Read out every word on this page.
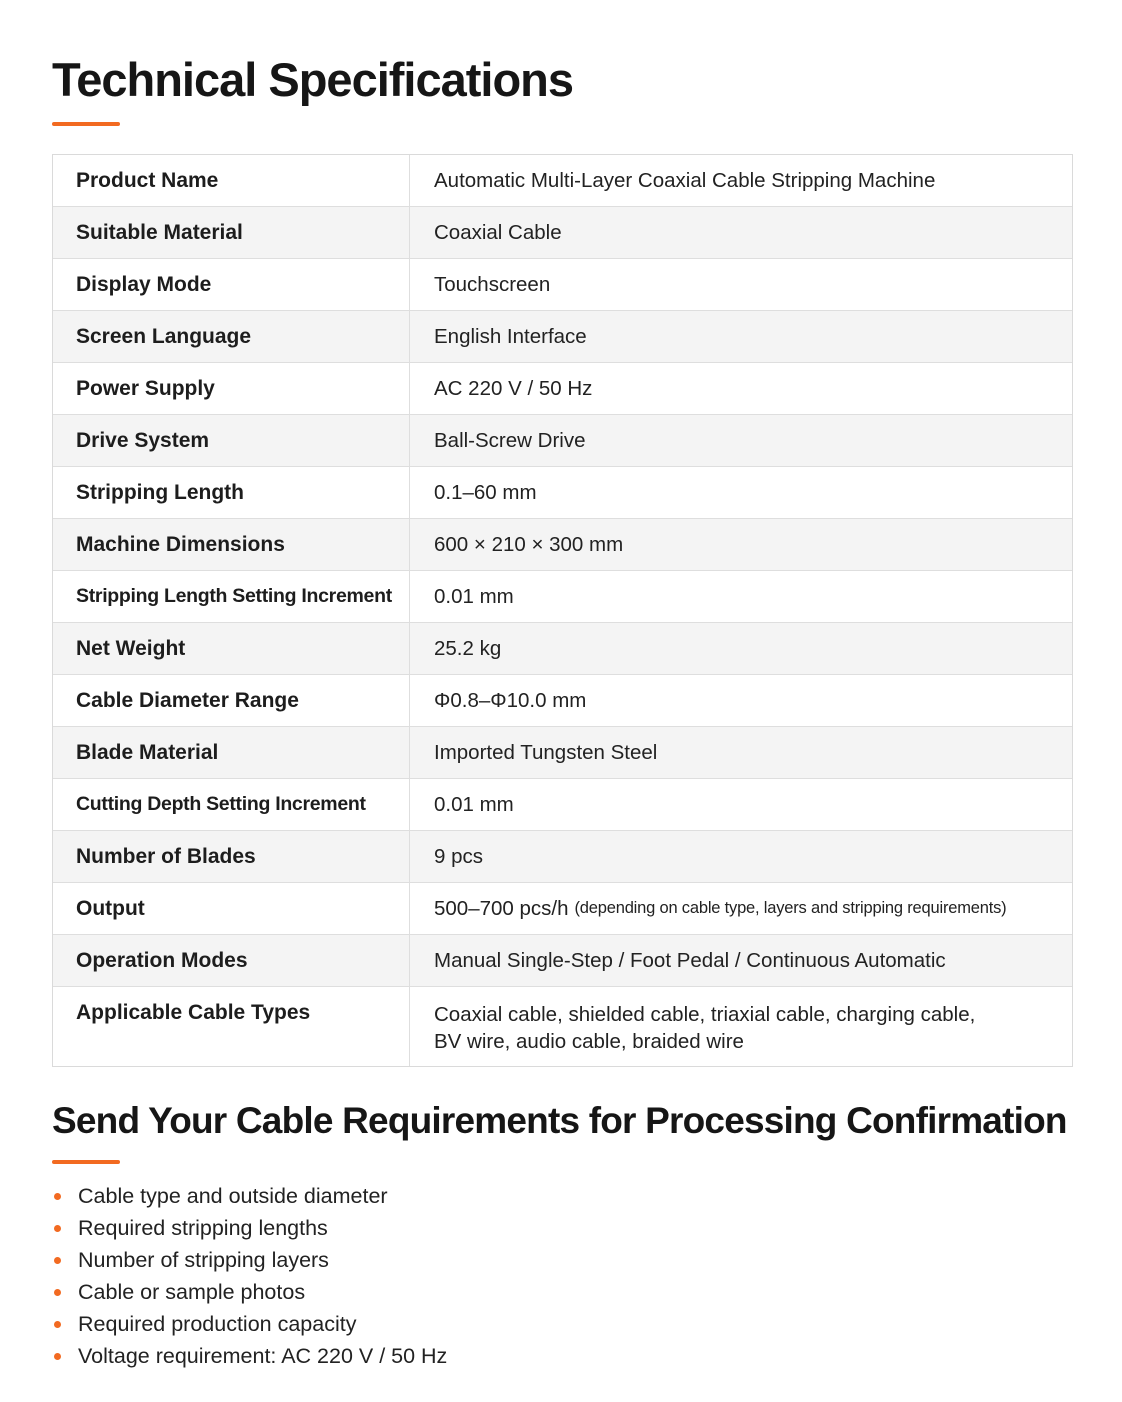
Technical Specifications
Product Name	Automatic Multi-Layer Coaxial Cable Stripping Machine
Suitable Material	Coaxial Cable
Display Mode	Touchscreen
Screen Language	English Interface
Power Supply	AC 220 V / 50 Hz
Drive System	Ball-Screw Drive
Stripping Length	0.1–60 mm
Machine Dimensions	600 × 210 × 300 mm
Stripping Length Setting Increment	0.01 mm
Net Weight	25.2 kg
Cable Diameter Range	Φ0.8–Φ10.0 mm
Blade Material	Imported Tungsten Steel
Cutting Depth Setting Increment	0.01 mm
Number of Blades	9 pcs
Output	500–700 pcs/h (depending on cable type, layers and stripping requirements)
Operation Modes	Manual Single-Step / Foot Pedal / Continuous Automatic
Applicable Cable Types	Coaxial cable, shielded cable, triaxial cable, charging cable,
BV wire, audio cable, braided wire
Send Your Cable Requirements for Processing Confirmation
Cable type and outside diameter
Required stripping lengths
Number of stripping layers
Cable or sample photos
Required production capacity
Voltage requirement: AC 220 V / 50 Hz
